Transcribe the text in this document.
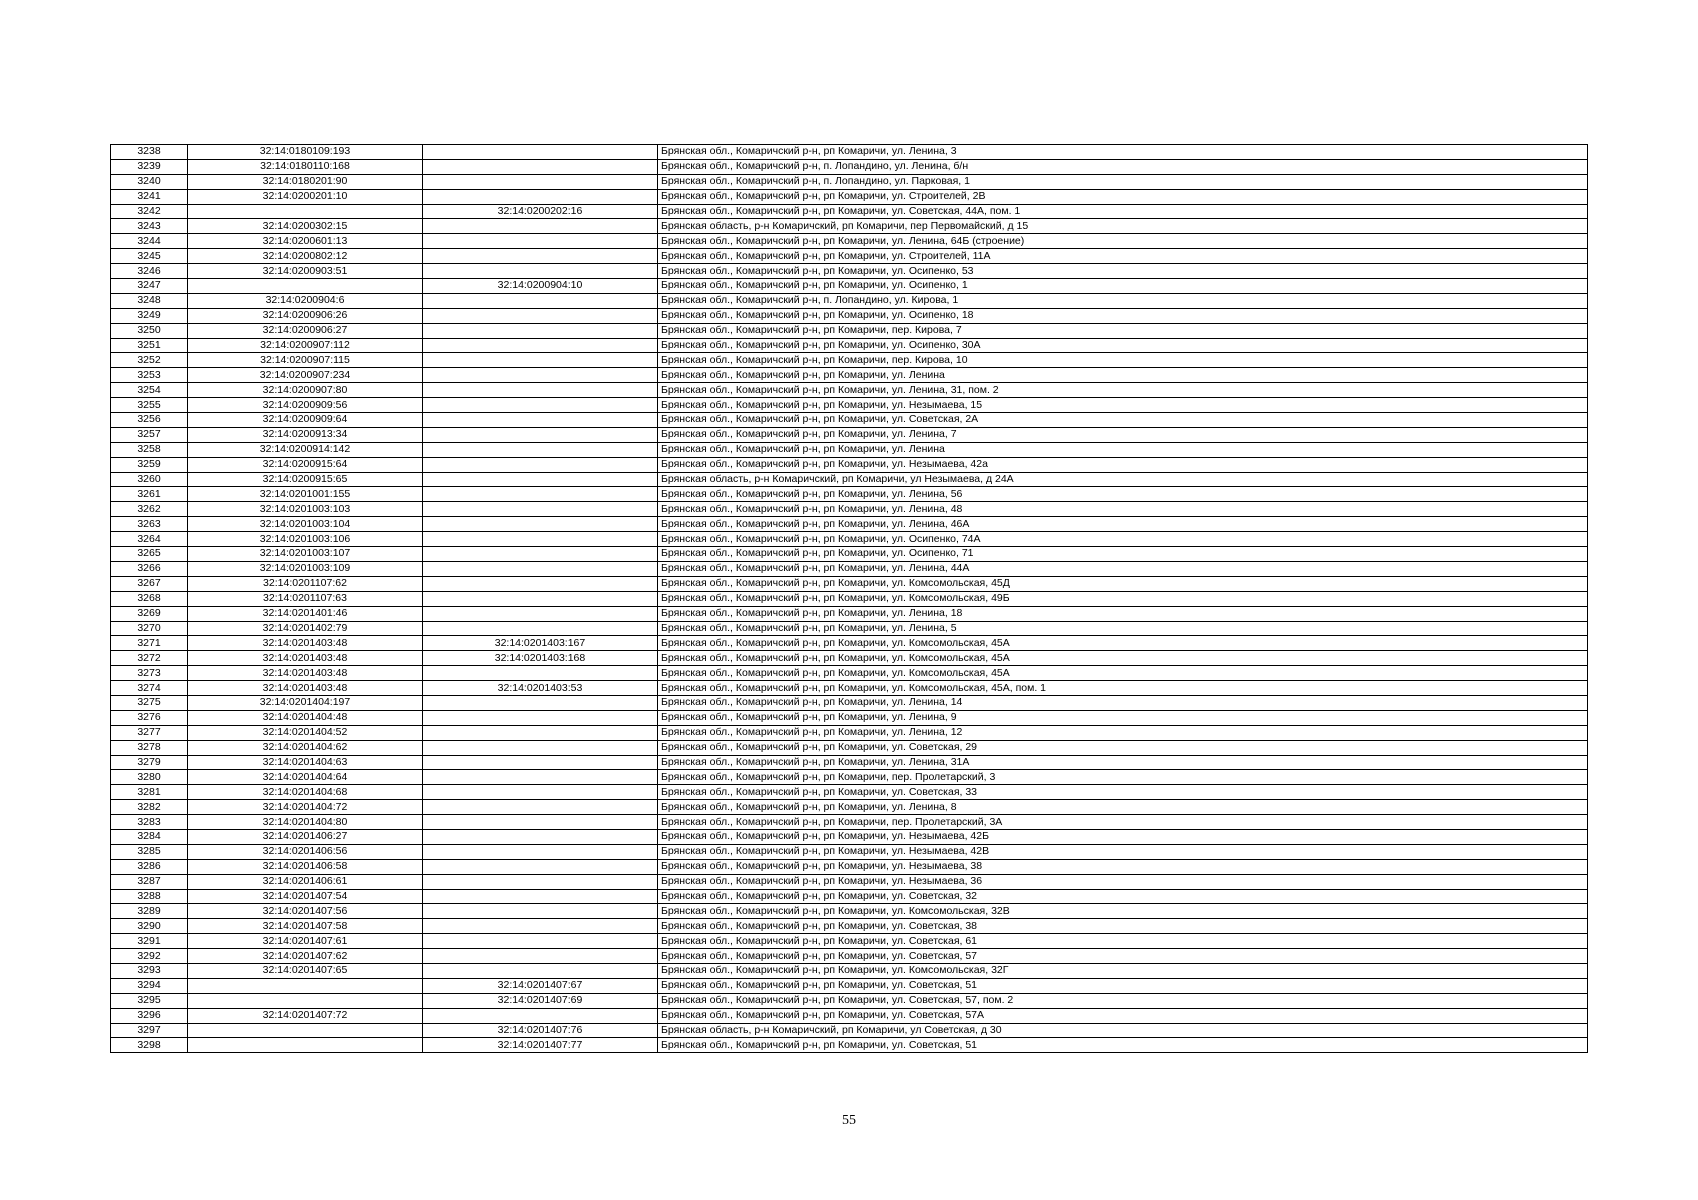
3238	32:14:0180109:193		Брянская обл., Комаричский р-н, рп Комаричи, ул. Ленина, 3
3239	32:14:0180110:168		Брянская обл., Комаричский р-н, п. Лопандино, ул. Ленина, б/н
3240	32:14:0180201:90		Брянская обл., Комаричский р-н, п. Лопандино, ул. Парковая, 1
3241	32:14:0200201:10		Брянская обл., Комаричский р-н, рп Комаричи, ул. Строителей, 2В
3242		32:14:0200202:16	Брянская обл., Комаричский р-н, рп Комаричи, ул. Советская, 44А, пом. 1
3243	32:14:0200302:15		Брянская область, р-н Комаричский, рп Комаричи, пер Первомайский, д 15
3244	32:14:0200601:13		Брянская обл., Комаричский р-н, рп Комаричи, ул. Ленина, 64Б (строение)
3245	32:14:0200802:12		Брянская обл., Комаричский р-н, рп Комаричи, ул. Строителей, 11А
3246	32:14:0200903:51		Брянская обл., Комаричский р-н, рп Комаричи, ул. Осипенко, 53
3247		32:14:0200904:10	Брянская обл., Комаричский р-н, рп Комаричи, ул. Осипенко, 1
3248	32:14:0200904:6		Брянская обл., Комаричский р-н, п. Лопандино, ул. Кирова, 1
3249	32:14:0200906:26		Брянская обл., Комаричский р-н, рп Комаричи, ул. Осипенко, 18
3250	32:14:0200906:27		Брянская обл., Комаричский р-н, рп Комаричи, пер. Кирова, 7
3251	32:14:0200907:112		Брянская обл., Комаричский р-н, рп Комаричи, ул. Осипенко, 30А
3252	32:14:0200907:115		Брянская обл., Комаричский р-н, рп Комаричи, пер. Кирова, 10
3253	32:14:0200907:234		Брянская обл., Комаричский р-н, рп Комаричи, ул. Ленина
3254	32:14:0200907:80		Брянская обл., Комаричский р-н, рп Комаричи, ул. Ленина, 31, пом. 2
3255	32:14:0200909:56		Брянская обл., Комаричский р-н, рп Комаричи, ул. Незымаева, 15
3256	32:14:0200909:64		Брянская обл., Комаричский р-н, рп Комаричи, ул. Советская, 2А
3257	32:14:0200913:34		Брянская обл., Комаричский р-н, рп Комаричи, ул. Ленина, 7
3258	32:14:0200914:142		Брянская обл., Комаричский р-н, рп Комаричи, ул. Ленина
3259	32:14:0200915:64		Брянская обл., Комаричский р-н, рп Комаричи, ул. Незымаева, 42а
3260	32:14:0200915:65		Брянская область, р-н Комаричский, рп Комаричи, ул Незымаева, д 24А
3261	32:14:0201001:155		Брянская обл., Комаричский р-н, рп Комаричи, ул. Ленина, 56
3262	32:14:0201003:103		Брянская обл., Комаричский р-н, рп Комаричи, ул. Ленина, 48
3263	32:14:0201003:104		Брянская обл., Комаричский р-н, рп Комаричи, ул. Ленина, 46А
3264	32:14:0201003:106		Брянская обл., Комаричский р-н, рп Комаричи, ул. Осипенко, 74А
3265	32:14:0201003:107		Брянская обл., Комаричский р-н, рп Комаричи, ул. Осипенко, 71
3266	32:14:0201003:109		Брянская обл., Комаричский р-н, рп Комаричи, ул. Ленина, 44А
3267	32:14:0201107:62		Брянская обл., Комаричский р-н, рп Комаричи, ул. Комсомольская, 45Д
3268	32:14:0201107:63		Брянская обл., Комаричский р-н, рп Комаричи, ул. Комсомольская, 49Б
3269	32:14:0201401:46		Брянская обл., Комаричский р-н, рп Комаричи, ул. Ленина, 18
3270	32:14:0201402:79		Брянская обл., Комаричский р-н, рп Комаричи, ул. Ленина, 5
3271	32:14:0201403:48	32:14:0201403:167	Брянская обл., Комаричский р-н, рп Комаричи, ул. Комсомольская, 45А
3272	32:14:0201403:48	32:14:0201403:168	Брянская обл., Комаричский р-н, рп Комаричи, ул. Комсомольская, 45А
3273	32:14:0201403:48		Брянская обл., Комаричский р-н, рп Комаричи, ул. Комсомольская, 45А
3274	32:14:0201403:48	32:14:0201403:53	Брянская обл., Комаричский р-н, рп Комаричи, ул. Комсомольская, 45А, пом. 1
3275	32:14:0201404:197		Брянская обл., Комаричский р-н, рп Комаричи, ул. Ленина, 14
3276	32:14:0201404:48		Брянская обл., Комаричский р-н, рп Комаричи, ул. Ленина, 9
3277	32:14:0201404:52		Брянская обл., Комаричский р-н, рп Комаричи, ул. Ленина, 12
3278	32:14:0201404:62		Брянская обл., Комаричский р-н, рп Комаричи, ул. Советская, 29
3279	32:14:0201404:63		Брянская обл., Комаричский р-н, рп Комаричи, ул. Ленина, 31А
3280	32:14:0201404:64		Брянская обл., Комаричский р-н, рп Комаричи, пер. Пролетарский, 3
3281	32:14:0201404:68		Брянская обл., Комаричский р-н, рп Комаричи, ул. Советская, 33
3282	32:14:0201404:72		Брянская обл., Комаричский р-н, рп Комаричи, ул. Ленина, 8
3283	32:14:0201404:80		Брянская обл., Комаричский р-н, рп Комаричи, пер. Пролетарский, 3А
3284	32:14:0201406:27		Брянская обл., Комаричский р-н, рп Комаричи, ул. Незымаева, 42Б
3285	32:14:0201406:56		Брянская обл., Комаричский р-н, рп Комаричи, ул. Незымаева, 42В
3286	32:14:0201406:58		Брянская обл., Комаричский р-н, рп Комаричи, ул. Незымаева, 38
3287	32:14:0201406:61		Брянская обл., Комаричский р-н, рп Комаричи, ул. Незымаева, 36
3288	32:14:0201407:54		Брянская обл., Комаричский р-н, рп Комаричи, ул. Советская, 32
3289	32:14:0201407:56		Брянская обл., Комаричский р-н, рп Комаричи, ул. Комсомольская, 32В
3290	32:14:0201407:58		Брянская обл., Комаричский р-н, рп Комаричи, ул. Советская, 38
3291	32:14:0201407:61		Брянская обл., Комаричский р-н, рп Комаричи, ул. Советская, 61
3292	32:14:0201407:62		Брянская обл., Комаричский р-н, рп Комаричи, ул. Советская, 57
3293	32:14:0201407:65		Брянская обл., Комаричский р-н, рп Комаричи, ул. Комсомольская, 32Г
3294		32:14:0201407:67	Брянская обл., Комаричский р-н, рп Комаричи, ул. Советская, 51
3295		32:14:0201407:69	Брянская обл., Комаричский р-н, рп Комаричи, ул. Советская, 57, пом. 2
3296	32:14:0201407:72		Брянская обл., Комаричский р-н, рп Комаричи, ул. Советская, 57А
3297		32:14:0201407:76	Брянская область, р-н Комаричский, рп Комаричи, ул Советская, д 30
3298		32:14:0201407:77	Брянская обл., Комаричский р-н, рп Комаричи, ул. Советская, 51
55
